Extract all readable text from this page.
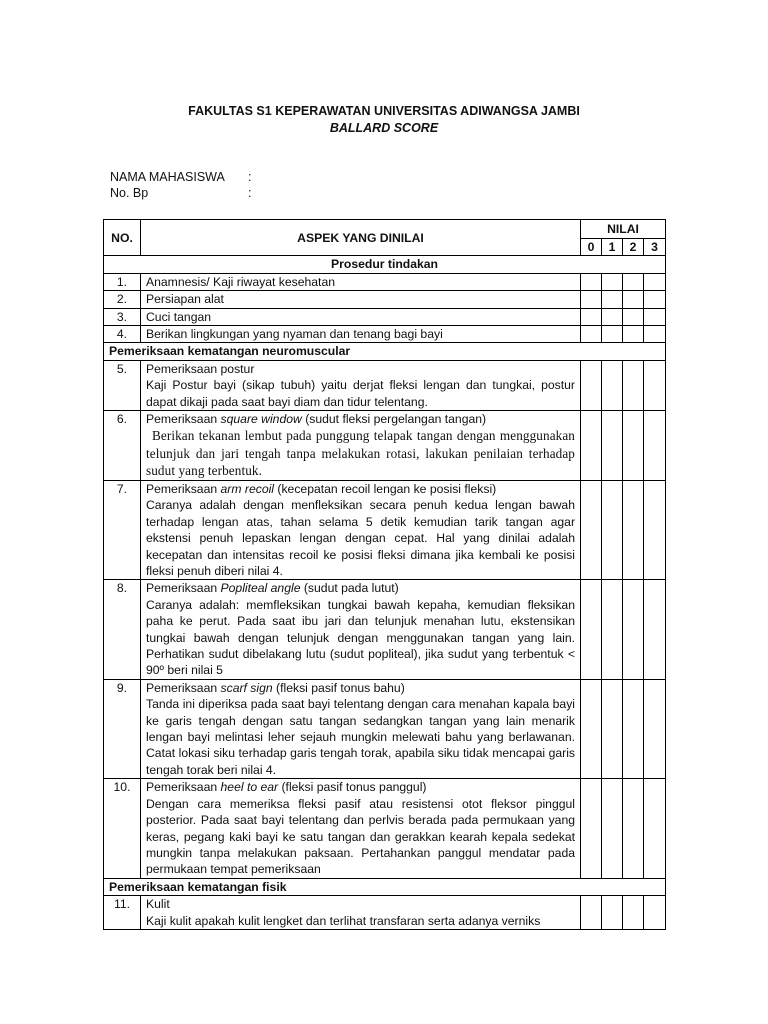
FAKULTAS S1 KEPERAWATAN UNIVERSITAS ADIWANGSA JAMBI
BALLARD SCORE
NAMA MAHASISWA :
No. Bp	:
NO.	ASPEK YANG DINILAI	NILAI			
		0	1	2	3
Prosedur tindakan					
1.	Anamnesis/ Kaji riwayat kesehatan				
2.	Persiapan alat				
3.	Cuci tangan				
4.	Berikan lingkungan yang nyaman dan tenang bagi bayi				
Pemeriksaan kematangan neuromuscular					
5.	Pemeriksaan postur
Kaji Postur bayi (sikap tubuh) yaitu derjat fleksi lengan dan tungkai, postur dapat dikaji pada saat bayi diam dan tidur telentang.				

6.	Pemeriksaan square window (sudut fleksi pergelangan tangan)
Berikan tekanan lembut pada punggung telapak tangan dengan menggunakan telunjuk dan jari tengah tanpa melakukan rotasi, lakukan penilaian terhadap sudut yang terbentuk.				

7.	Pemeriksaan arm recoil (kecepatan recoil lengan ke posisi fleksi)
Caranya adalah dengan menfleksikan secara penuh kedua lengan bawah terhadap lengan atas, tahan selama 5 detik kemudian tarik tangan agar ekstensi penuh lepaskan lengan dengan cepat. Hal yang dinilai adalah kecepatan dan intensitas recoil ke posisi fleksi dimana jika kembali ke posisi fleksi penuh diberi nilai 4.				

8.	Pemeriksaan Popliteal angle (sudut pada lutut)
Caranya adalah: memfleksikan tungkai bawah kepaha, kemudian fleksikan paha ke perut. Pada saat ibu jari dan telunjuk menahan lutu, ekstensikan tungkai bawah dengan telunjuk dengan menggunakan tangan yang lain. Perhatikan sudut dibelakang lutu (sudut popliteal), jika sudut yang terbentuk < 90º beri nilai 5				

9.	Pemeriksaan scarf sign (fleksi pasif tonus bahu)
Tanda ini diperiksa pada saat bayi telentang dengan cara menahan kapala bayi ke garis tengah dengan satu tangan sedangkan tangan yang lain menarik lengan bayi melintasi leher sejauh mungkin melewati bahu yang berlawanan. Catat lokasi siku terhadap garis tengah torak, apabila siku tidak mencapai garis tengah torak beri nilai 4.				

10.	Pemeriksaan heel to ear (fleksi pasif tonus panggul)
Dengan cara memeriksa fleksi pasif atau resistensi otot fleksor pinggul posterior. Pada saat bayi telentang dan perlvis berada pada permukaan yang keras, pegang kaki bayi ke satu tangan dan gerakkan kearah kepala sedekat mungkin tanpa melakukan paksaan. Pertahankan panggul mendatar pada permukaan tempat pemeriksaan				

Pemeriksaan kematangan fisik					
11.	Kulit
Kaji kulit apakah kulit lengket dan terlihat transfaran serta adanya verniks				
